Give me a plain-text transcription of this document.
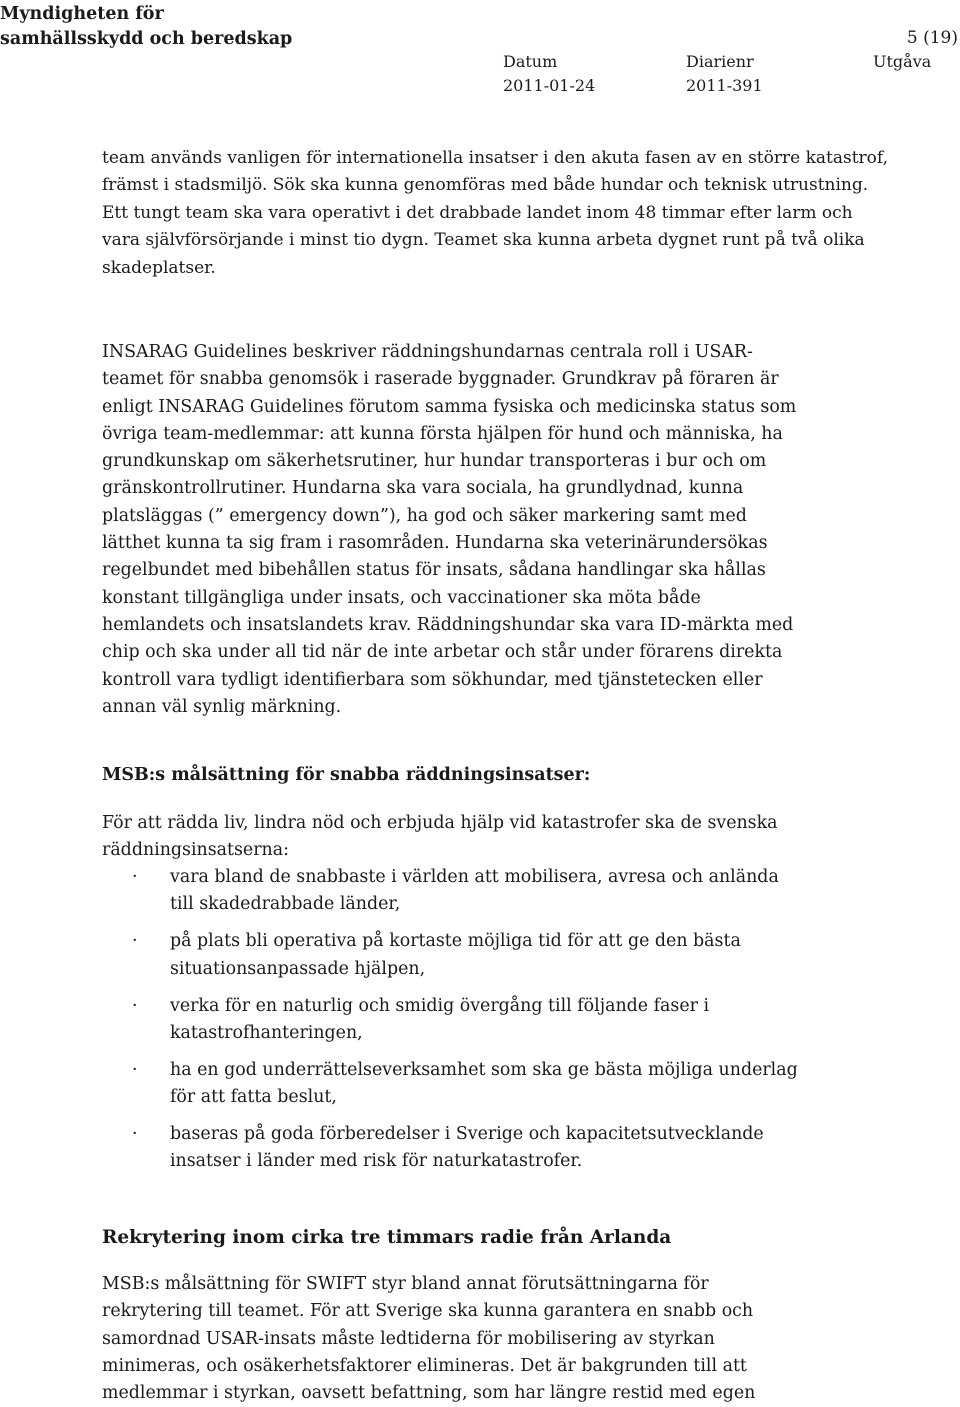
Myndigheten för
samhällsskydd och beredskap	5 (19)
Datum	Diarienr	Utgåva
2011-01-24	2011-391

team används vanligen för internationella insatser i den akuta fasen av en större katastrof, främst i stadsmiljö. Sök ska kunna genomföras med både hundar och teknisk utrustning. Ett tungt team ska vara operativt i det drabbade landet inom 48 timmar efter larm och vara självförsörjande i minst tio dygn. Teamet ska kunna arbeta dygnet runt på två olika skadeplatser.

INSARAG Guidelines beskriver räddningshundarnas centrala roll i USAR-teamet för snabba genomsök i raserade byggnader. Grundkrav på föraren är enligt INSARAG Guidelines förutom samma fysiska och medicinska status som övriga team-medlemmar: att kunna första hjälpen för hund och människa, ha grundkunskap om säkerhetsrutiner, hur hundar transporteras i bur och om gränskontrollrutiner. Hundarna ska vara sociala, ha grundlydnad, kunna platsläggas (” emergency down”), ha god och säker markering samt med lätthet kunna ta sig fram i rasområden. Hundarna ska veterinärundersökas regelbundet med bibehållen status för insats, sådana handlingar ska hållas konstant tillgängliga under insats, och vaccinationer ska möta både hemlandets och insatslandets krav. Räddningshundar ska vara ID-märkta med chip och ska under all tid när de inte arbetar och står under förarens direkta kontroll vara tydligt identifierbara som sökhundar, med tjänstetecken eller annan väl synlig märkning.

MSB:s målsättning för snabba räddningsinsatser:

För att rädda liv, lindra nöd och erbjuda hjälp vid katastrofer ska de svenska räddningsinsatserna:

· vara bland de snabbaste i världen att mobilisera, avresa och anlända till skadedrabbade länder,
· på plats bli operativa på kortaste möjliga tid för att ge den bästa situationsanpassade hjälpen,
· verka för en naturlig och smidig övergång till följande faser i katastrofhanteringen,
· ha en god underrättelseverksamhet som ska ge bästa möjliga underlag för att fatta beslut,
· baseras på goda förberedelser i Sverige och kapacitetsutvecklande insatser i länder med risk för naturkatastrofer.
Rekrytering inom cirka tre timmars radie från Arlanda

MSB:s målsättning för SWIFT styr bland annat förutsättningarna för rekrytering till teamet. För att Sverige ska kunna garantera en snabb och samordnad USAR-insats måste ledtiderna för mobilisering av styrkan minimeras, och osäkerhetsfaktorer elimineras. Det är bakgrunden till att medlemmar i styrkan, oavsett befattning, som har längre restid med egen
